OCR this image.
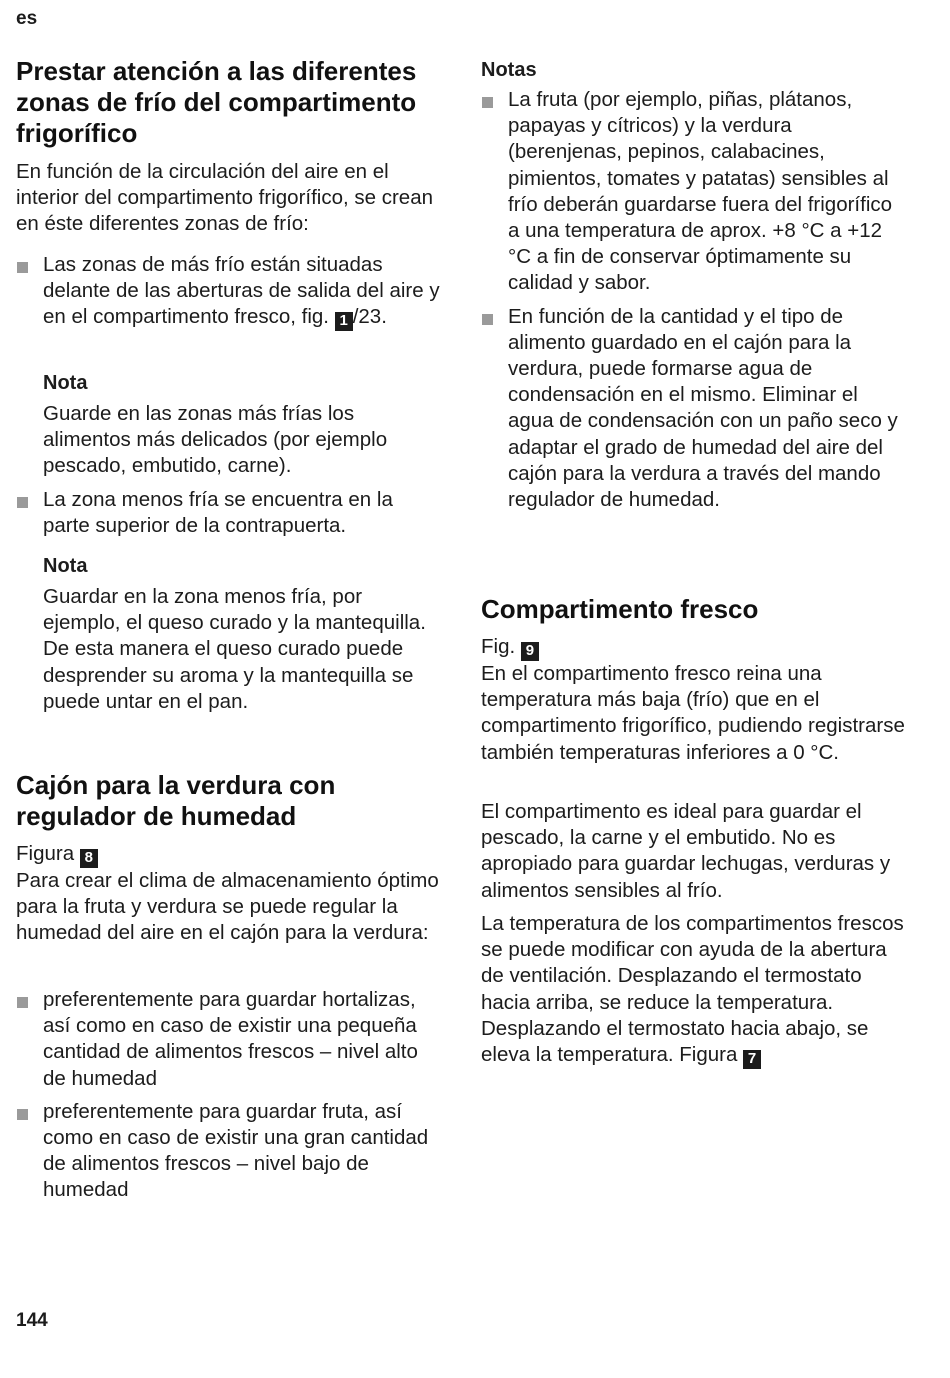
es
Prestar atención a las diferentes zonas de frío del compartimento frigorífico

En función de la circulación del aire en el interior del compartimento frigorífico, se crean en éste diferentes zonas de frío:

Las zonas de más frío están situadas delante de las aberturas de salida del aire y en el compartimento fresco, fig. 1 /23.
Nota

Guarde en las zonas más frías los alimentos más delicados (por ejemplo pescado, embutido, carne).

La zona menos fría se encuentra en la parte superior de la contrapuerta.
Nota

Guardar en la zona menos fría, por ejemplo, el queso curado y la mantequilla. De esta manera el queso curado puede desprender su aroma y la mantequilla se puede untar en el pan.

Cajón para la verdura con regulador de humedad

Figura 8
Para crear el clima de almacenamiento óptimo para la fruta y verdura se puede regular la humedad del aire en el cajón para la verdura:

preferentemente para guardar hortalizas, así como en caso de existir una pequeña cantidad de alimentos frescos – nivel alto de humedad
preferentemente para guardar fruta, así como en caso de existir una gran cantidad de alimentos frescos – nivel bajo de humedad
Notas
La fruta (por ejemplo, piñas, plátanos, papayas y cítricos) y la verdura (berenjenas, pepinos, calabacines, pimientos, tomates y patatas) sensibles al frío deberán guardarse fuera del frigorífico a una temperatura de aprox. +8 °C a +12 °C a fin de conservar óptimamente su calidad y sabor.
En función de la cantidad y el tipo de alimento guardado en el cajón para la verdura, puede formarse agua de condensación en el mismo. Eliminar el agua de condensación con un paño seco y adaptar el grado de humedad del aire del cajón para la verdura a través del mando regulador de humedad.
Compartimento fresco

Fig. 9
En el compartimento fresco reina una temperatura más baja (frío) que en el compartimento frigorífico, pudiendo registrarse también temperaturas inferiores a 0 °C.

El compartimento es ideal para guardar el pescado, la carne y el embutido. No es apropiado para guardar lechugas, verduras y alimentos sensibles al frío.

La temperatura de los compartimentos frescos se puede modificar con ayuda de la abertura de ventilación. Desplazando el termostato hacia arriba, se reduce la temperatura. Desplazando el termostato hacia abajo, se eleva la temperatura. Figura 7

144
